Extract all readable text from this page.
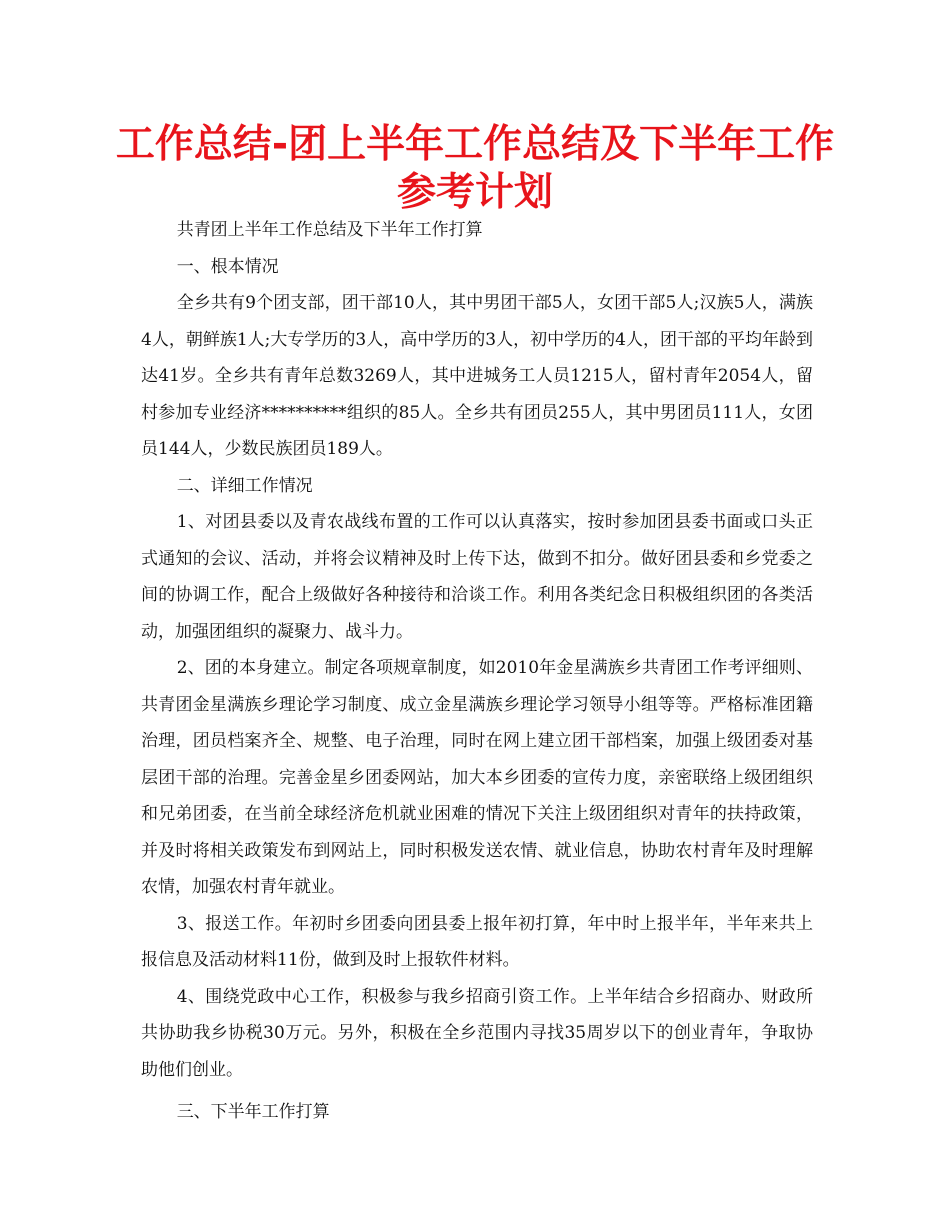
工作总结-团上半年工作总结及下半年工作
参考计划

共青团上半年工作总结及下半年工作打算

一、根本情况

全乡共有9个团支部，团干部10人，其中男团干部5人，女团干部5人;汉族5人，满族4人，朝鲜族1人;大专学历的3人，高中学历的3人，初中学历的4人，团干部的平均年龄到达41岁。全乡共有青年总数3269人，其中进城务工人员1215人，留村青年2054人，留村参加专业经济**********组织的85人。全乡共有团员255人，其中男团员111人，女团员144人，少数民族团员189人。

二、详细工作情况

1、对团县委以及青农战线布置的工作可以认真落实，按时参加团县委书面或口头正式通知的会议、活动，并将会议精神及时上传下达，做到不扣分。做好团县委和乡党委之间的协调工作，配合上级做好各种接待和洽谈工作。利用各类纪念日积极组织团的各类活动，加强团组织的凝聚力、战斗力。

2、团的本身建立。制定各项规章制度，如2010年金星满族乡共青团工作考评细则、共青团金星满族乡理论学习制度、成立金星满族乡理论学习领导小组等等。严格标准团籍治理，团员档案齐全、规整、电子治理，同时在网上建立团干部档案，加强上级团委对基层团干部的治理。完善金星乡团委网站，加大本乡团委的宣传力度，亲密联络上级团组织和兄弟团委，在当前全球经济危机就业困难的情况下关注上级团组织对青年的扶持政策，并及时将相关政策发布到网站上，同时积极发送农情、就业信息，协助农村青年及时理解农情，加强农村青年就业。

3、报送工作。年初时乡团委向团县委上报年初打算，年中时上报半年，半年来共上报信息及活动材料11份，做到及时上报软件材料。

4、围绕党政中心工作，积极参与我乡招商引资工作。上半年结合乡招商办、财政所共协助我乡协税30万元。另外，积极在全乡范围内寻找35周岁以下的创业青年，争取协助他们创业。

三、下半年工作打算
